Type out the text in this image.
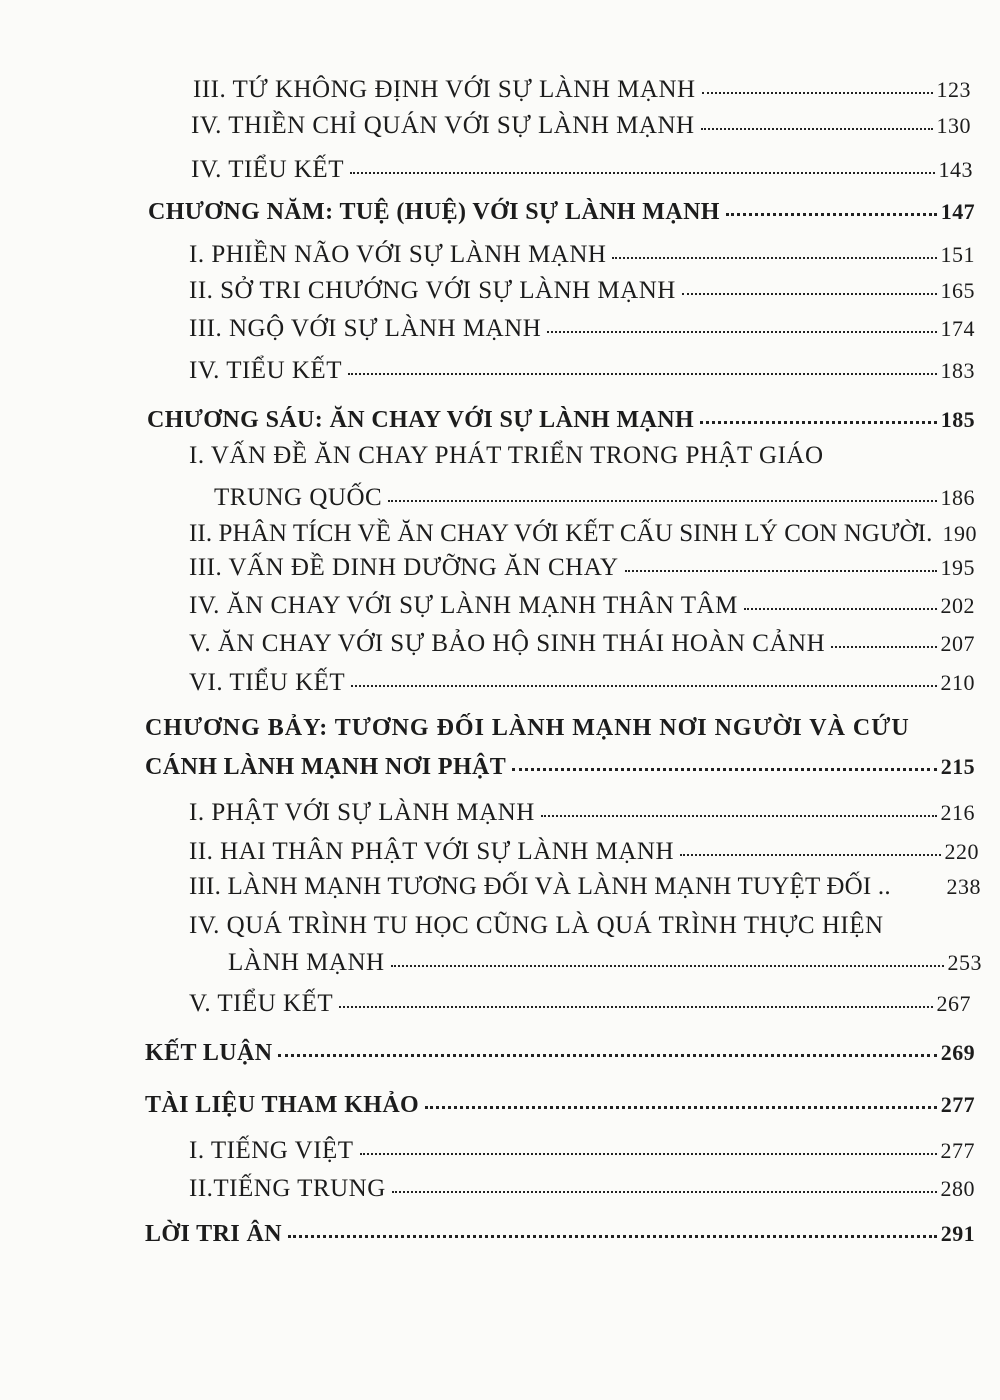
III. TỨ KHÔNG ĐỊNH VỚI SỰ LÀNH MẠNH	123
IV. THIỀN CHỈ QUÁN VỚI SỰ LÀNH MẠNH	130
IV. TIỂU KẾT	143
CHƯƠNG NĂM: TUỆ (HUỆ) VỚI SỰ LÀNH MẠNH	147
I. PHIỀN NÃO VỚI SỰ LÀNH MẠNH	151
II. SỞ TRI CHƯỚNG VỚI SỰ LÀNH MẠNH	165
III. NGỘ VỚI SỰ LÀNH MẠNH	174
IV. TIỂU KẾT	183
CHƯƠNG SÁU: ĂN CHAY VỚI SỰ LÀNH MẠNH	185
I. VẤN ĐỀ ĂN CHAY PHÁT TRIỂN TRONG PHẬT GIÁO
TRUNG QUỐC	186
II. PHÂN TÍCH VỀ ĂN CHAY VỚI KẾT CẤU SINH LÝ CON NGƯỜI. 190
III. VẤN ĐỀ DINH DƯỠNG ĂN CHAY	195
IV. ĂN CHAY VỚI SỰ LÀNH MẠNH THÂN TÂM	202
V. ĂN CHAY VỚI SỰ BẢO HỘ SINH THÁI HOÀN CẢNH	207
VI. TIỂU KẾT	210
CHƯƠNG BẢY: TƯƠNG ĐỐI LÀNH MẠNH NƠI NGƯỜI VÀ CỨU
CÁNH LÀNH MẠNH NƠI PHẬT	215
I. PHẬT VỚI SỰ LÀNH MẠNH	216
II. HAI THÂN PHẬT VỚI SỰ LÀNH MẠNH	220
III. LÀNH MẠNH TƯƠNG ĐỐI VÀ LÀNH MẠNH TUYỆT ĐỐI ..	238
IV. QUÁ TRÌNH TU HỌC CŨNG LÀ QUÁ TRÌNH THỰC HIỆN
LÀNH MẠNH	253
V. TIỂU KẾT	267
KẾT LUẬN	269
TÀI LIỆU THAM KHẢO	277
I. TIẾNG VIỆT	277
II.TIẾNG TRUNG	280
LỜI TRI ÂN	291
